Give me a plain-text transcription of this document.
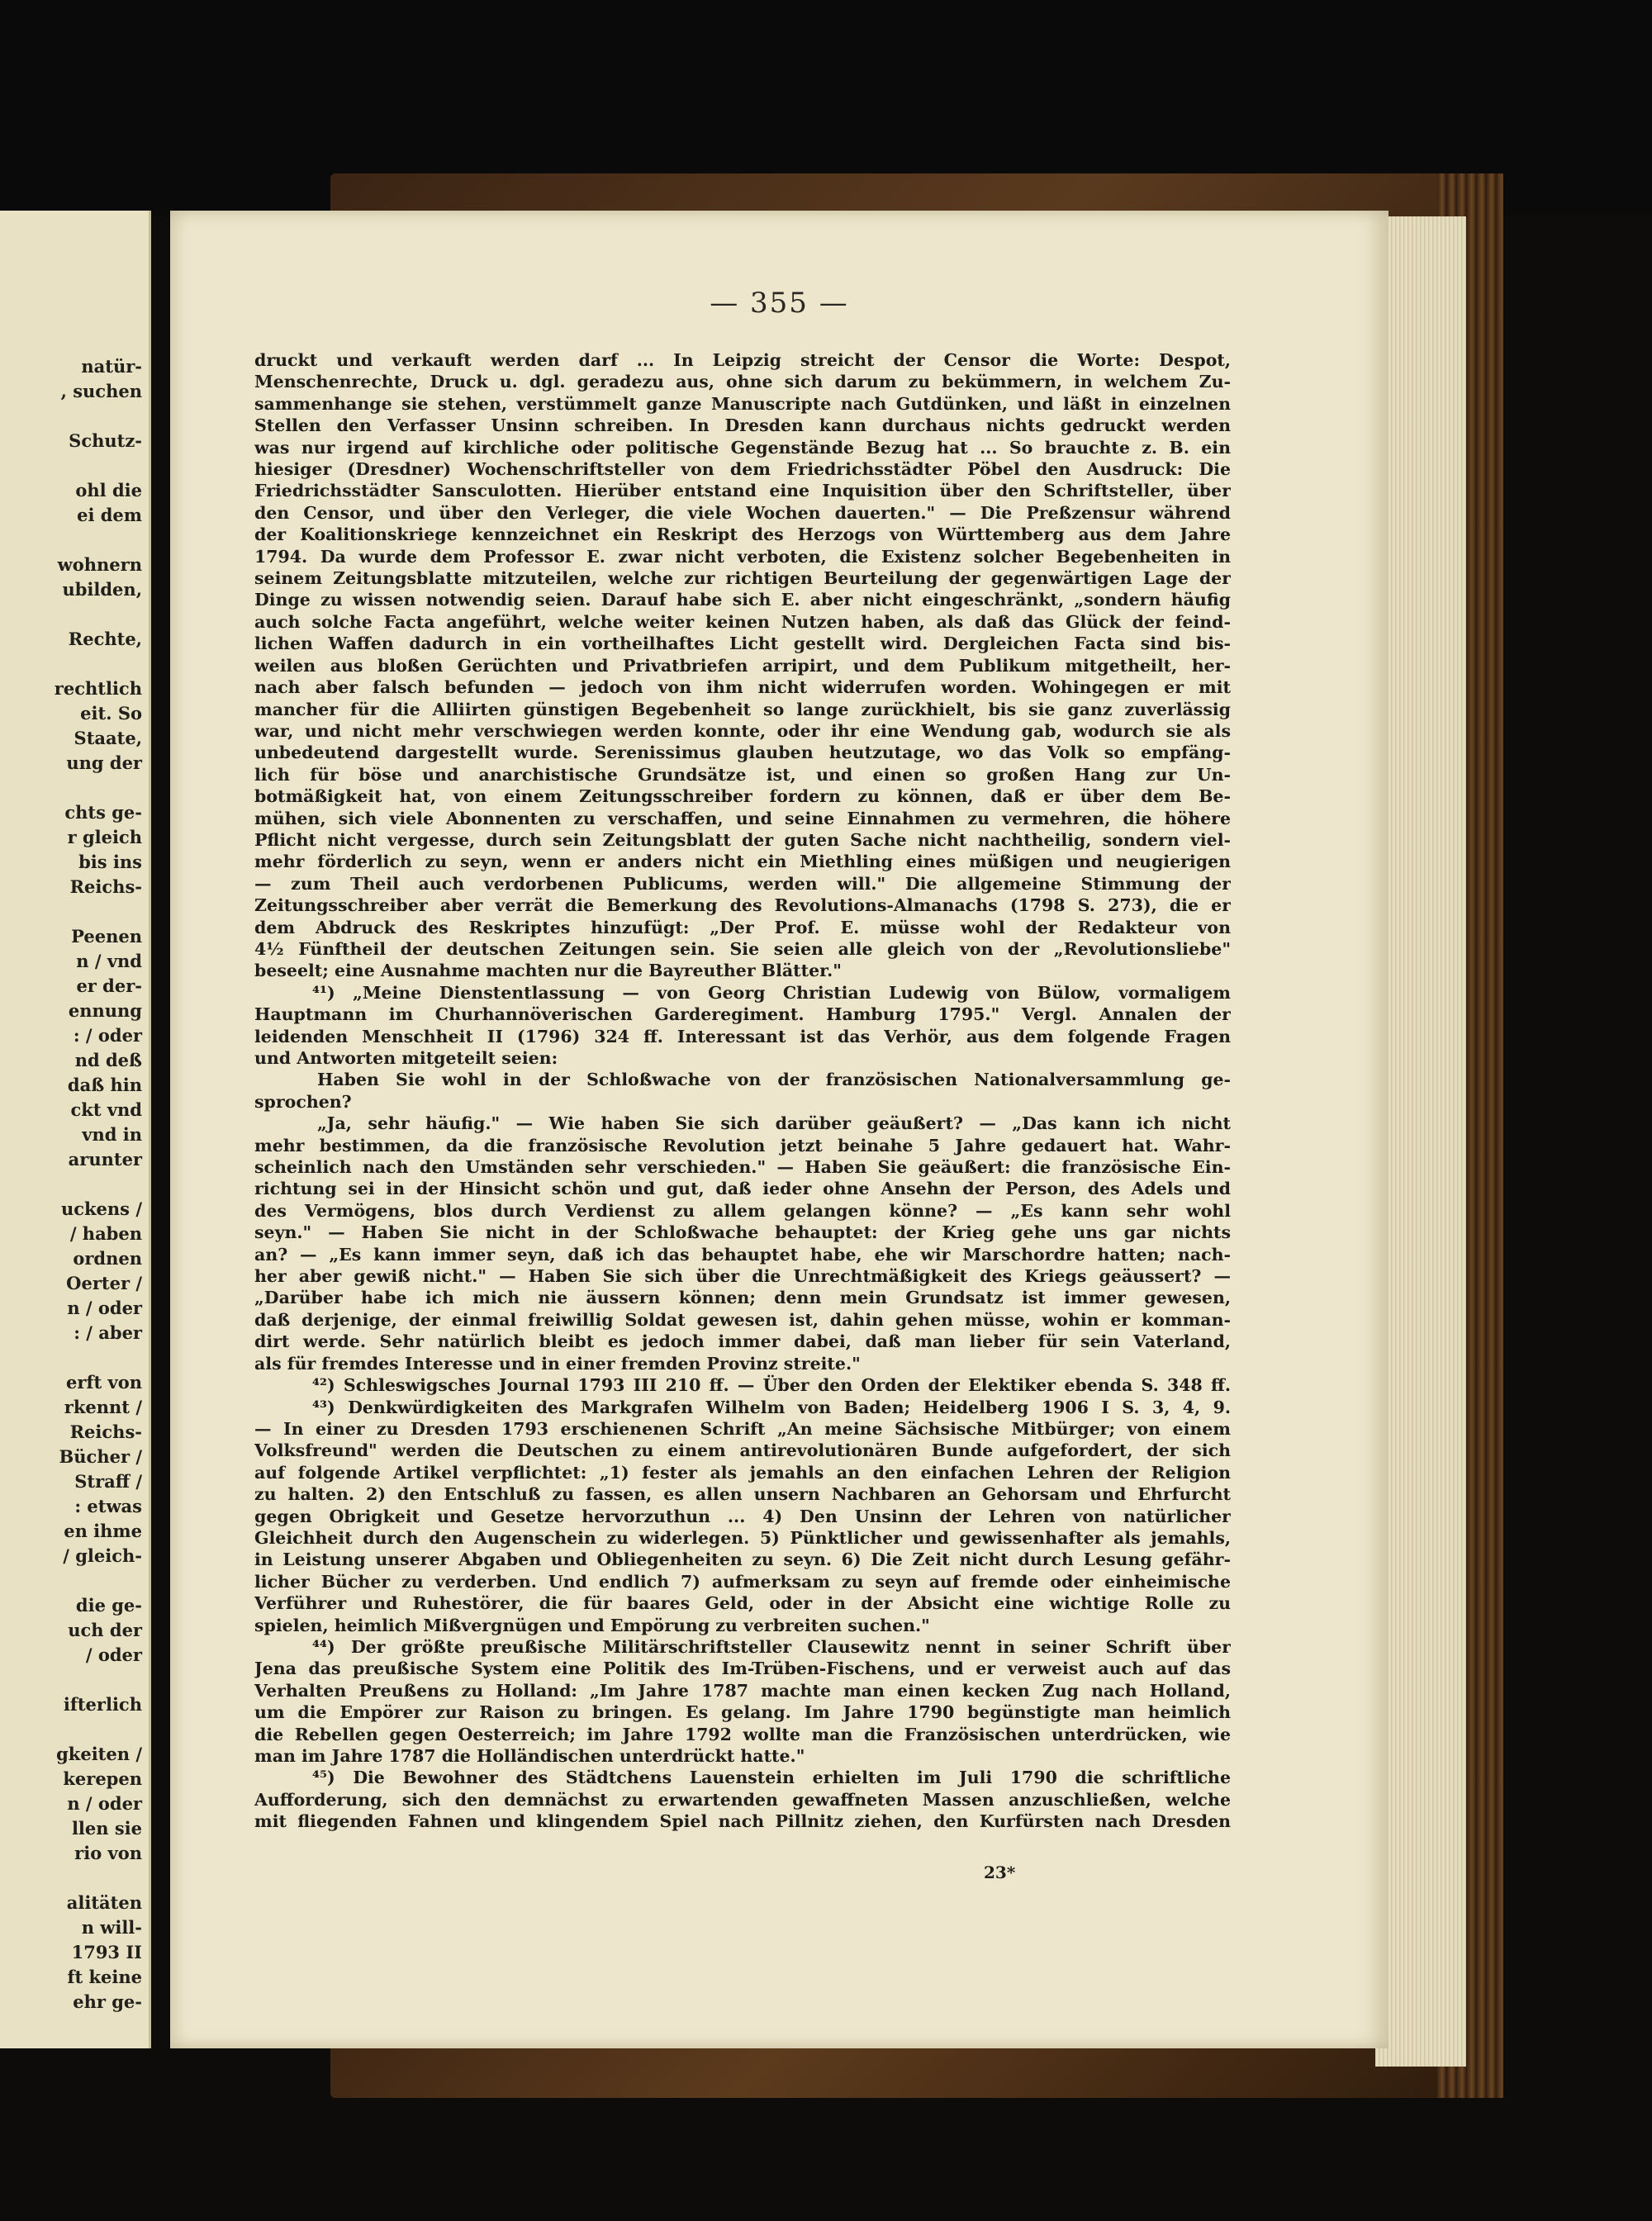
natür-
, suchen
Schutz-
ohl die
ei dem
wohnern
ubilden,
Rechte,
rechtlich
eit. So
Staate,
ung der
chts ge-
r gleich
bis ins
Reichs-
Peenen
n / vnd
er der-
ennung
: / oder
nd deß
daß hin
ckt vnd
vnd in
arunter
uckens /
/ haben
ordnen
Oerter /
n / oder
: / aber
erft von
rkennt /
Reichs-
Bücher /
Straff /
: etwas
en ihme
/ gleich-
die ge-
uch der
/ oder
ifterlich
gkeiten /
kerepen
n / oder
llen sie
rio von
alitäten
n will-
1793 II
ft keine
ehr ge-
— 355 —
druckt und verkauft werden darf ... In Leipzig streicht der Censor die Worte: Despot,
Menschenrechte, Druck u. dgl. geradezu aus, ohne sich darum zu bekümmern, in welchem Zu-
sammenhange sie stehen, verstümmelt ganze Manuscripte nach Gutdünken, und läßt in einzelnen
Stellen den Verfasser Unsinn schreiben. In Dresden kann durchaus nichts gedruckt werden
was nur irgend auf kirchliche oder politische Gegenstände Bezug hat ... So brauchte z. B. ein
hiesiger (Dresdner) Wochenschriftsteller von dem Friedrichsstädter Pöbel den Ausdruck: Die
Friedrichsstädter Sansculotten. Hierüber entstand eine Inquisition über den Schriftsteller, über
den Censor, und über den Verleger, die viele Wochen dauerten." — Die Preßzensur während
der Koalitionskriege kennzeichnet ein Reskript des Herzogs von Württemberg aus dem Jahre
1794. Da wurde dem Professor E. zwar nicht verboten, die Existenz solcher Begebenheiten in
seinem Zeitungsblatte mitzuteilen, welche zur richtigen Beurteilung der gegenwärtigen Lage der
Dinge zu wissen notwendig seien. Darauf habe sich E. aber nicht eingeschränkt, „sondern häufig
auch solche Facta angeführt, welche weiter keinen Nutzen haben, als daß das Glück der feind-
lichen Waffen dadurch in ein vortheilhaftes Licht gestellt wird. Dergleichen Facta sind bis-
weilen aus bloßen Gerüchten und Privatbriefen arripirt, und dem Publikum mitgetheilt, her-
nach aber falsch befunden — jedoch von ihm nicht widerrufen worden. Wohingegen er mit
mancher für die Alliirten günstigen Begebenheit so lange zurückhielt, bis sie ganz zuverlässig
war, und nicht mehr verschwiegen werden konnte, oder ihr eine Wendung gab, wodurch sie als
unbedeutend dargestellt wurde. Serenissimus glauben heutzutage, wo das Volk so empfäng-
lich für böse und anarchistische Grundsätze ist, und einen so großen Hang zur Un-
botmäßigkeit hat, von einem Zeitungsschreiber fordern zu können, daß er über dem Be-
mühen, sich viele Abonnenten zu verschaffen, und seine Einnahmen zu vermehren, die höhere
Pflicht nicht vergesse, durch sein Zeitungsblatt der guten Sache nicht nachtheilig, sondern viel-
mehr förderlich zu seyn, wenn er anders nicht ein Miethling eines müßigen und neugierigen
— zum Theil auch verdorbenen Publicums, werden will." Die allgemeine Stimmung der
Zeitungsschreiber aber verrät die Bemerkung des Revolutions-Almanachs (1798 S. 273), die er
dem Abdruck des Reskriptes hinzufügt: „Der Prof. E. müsse wohl der Redakteur von
4½ Fünftheil der deutschen Zeitungen sein. Sie seien alle gleich von der „Revolutionsliebe"
beseelt; eine Ausnahme machten nur die Bayreuther Blätter."
⁴¹) „Meine Dienstentlassung — von Georg Christian Ludewig von Bülow, vormaligem
Hauptmann im Churhannöverischen Garderegiment. Hamburg 1795." Vergl. Annalen der
leidenden Menschheit II (1796) 324 ff. Interessant ist das Verhör, aus dem folgende Fragen
und Antworten mitgeteilt seien:
Haben Sie wohl in der Schloßwache von der französischen Nationalversammlung ge-
sprochen?
„Ja, sehr häufig." — Wie haben Sie sich darüber geäußert? — „Das kann ich nicht
mehr bestimmen, da die französische Revolution jetzt beinahe 5 Jahre gedauert hat. Wahr-
scheinlich nach den Umständen sehr verschieden." — Haben Sie geäußert: die französische Ein-
richtung sei in der Hinsicht schön und gut, daß ieder ohne Ansehn der Person, des Adels und
des Vermögens, blos durch Verdienst zu allem gelangen könne? — „Es kann sehr wohl
seyn." — Haben Sie nicht in der Schloßwache behauptet: der Krieg gehe uns gar nichts
an? — „Es kann immer seyn, daß ich das behauptet habe, ehe wir Marschordre hatten; nach-
her aber gewiß nicht." — Haben Sie sich über die Unrechtmäßigkeit des Kriegs geäussert? —
„Darüber habe ich mich nie äussern können; denn mein Grundsatz ist immer gewesen,
daß derjenige, der einmal freiwillig Soldat gewesen ist, dahin gehen müsse, wohin er komman-
dirt werde. Sehr natürlich bleibt es jedoch immer dabei, daß man lieber für sein Vaterland,
als für fremdes Interesse und in einer fremden Provinz streite."
⁴²) Schleswigsches Journal 1793 III 210 ff. — Über den Orden der Elektiker ebenda S. 348 ff.
⁴³) Denkwürdigkeiten des Markgrafen Wilhelm von Baden; Heidelberg 1906 I S. 3, 4, 9.
— In einer zu Dresden 1793 erschienenen Schrift „An meine Sächsische Mitbürger; von einem
Volksfreund" werden die Deutschen zu einem antirevolutionären Bunde aufgefordert, der sich
auf folgende Artikel verpflichtet: „1) fester als jemahls an den einfachen Lehren der Religion
zu halten. 2) den Entschluß zu fassen, es allen unsern Nachbaren an Gehorsam und Ehrfurcht
gegen Obrigkeit und Gesetze hervorzuthun ... 4) Den Unsinn der Lehren von natürlicher
Gleichheit durch den Augenschein zu widerlegen. 5) Pünktlicher und gewissenhafter als jemahls,
in Leistung unserer Abgaben und Obliegenheiten zu seyn. 6) Die Zeit nicht durch Lesung gefähr-
licher Bücher zu verderben. Und endlich 7) aufmerksam zu seyn auf fremde oder einheimische
Verführer und Ruhestörer, die für baares Geld, oder in der Absicht eine wichtige Rolle zu
spielen, heimlich Mißvergnügen und Empörung zu verbreiten suchen."
⁴⁴) Der größte preußische Militärschriftsteller Clausewitz nennt in seiner Schrift über
Jena das preußische System eine Politik des Im-Trüben-Fischens, und er verweist auch auf das
Verhalten Preußens zu Holland: „Im Jahre 1787 machte man einen kecken Zug nach Holland,
um die Empörer zur Raison zu bringen. Es gelang. Im Jahre 1790 begünstigte man heimlich
die Rebellen gegen Oesterreich; im Jahre 1792 wollte man die Französischen unterdrücken, wie
man im Jahre 1787 die Holländischen unterdrückt hatte."
⁴⁵) Die Bewohner des Städtchens Lauenstein erhielten im Juli 1790 die schriftliche
Aufforderung, sich den demnächst zu erwartenden gewaffneten Massen anzuschließen, welche
mit fliegenden Fahnen und klingendem Spiel nach Pillnitz ziehen, den Kurfürsten nach Dresden
23*
